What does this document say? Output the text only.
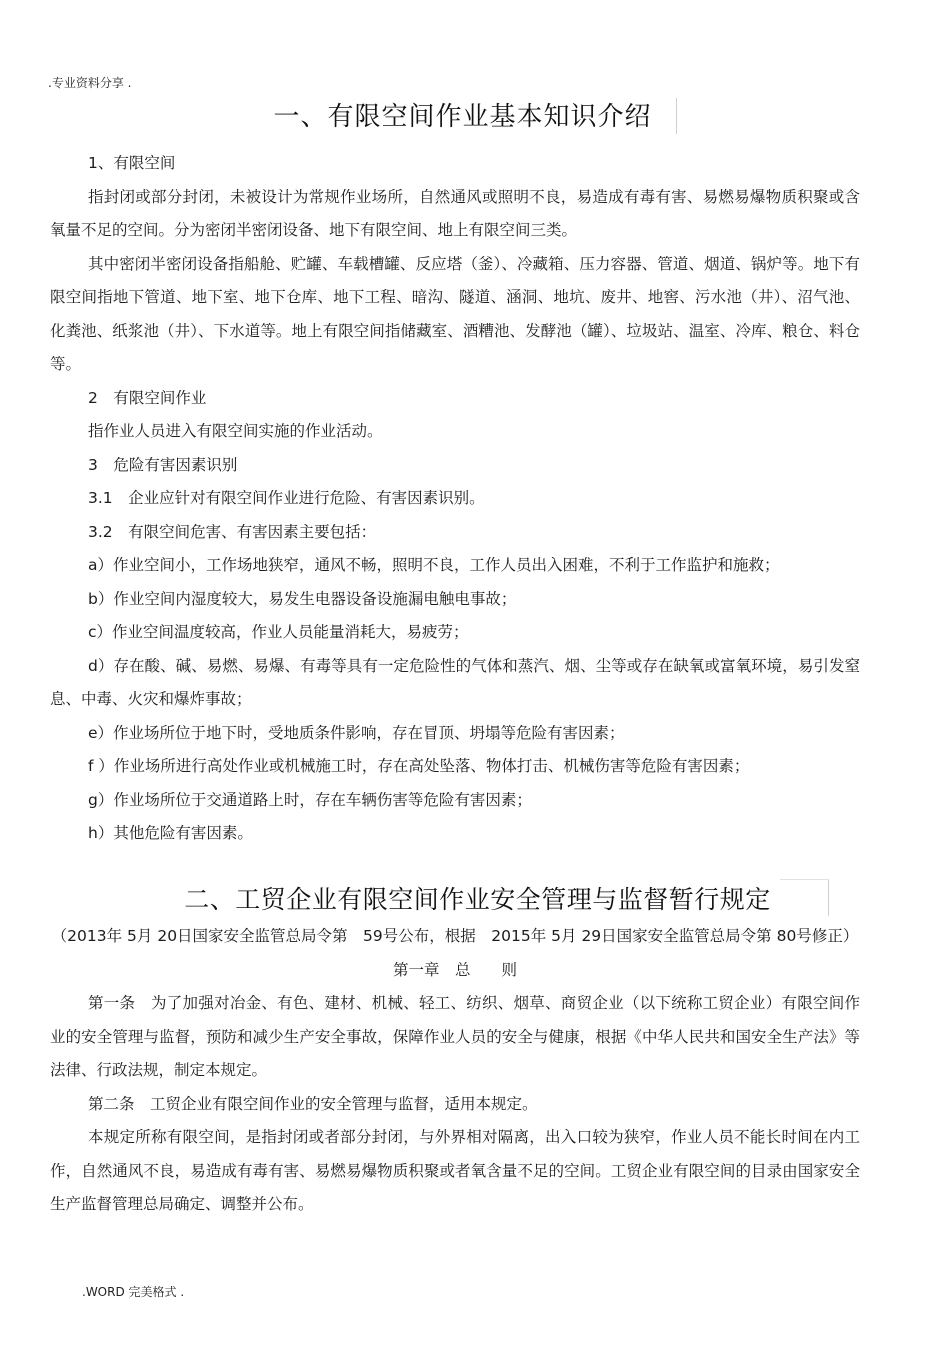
.专业资料分享 .
一、有限空间作业基本知识介绍

1、有限空间

指封闭或部分封闭，未被设计为常规作业场所，自然通风或照明不良，易造成有毒有害、易燃易爆物质积聚或含氧量不足的空间。分为密闭半密闭设备、地下有限空间、地上有限空间三类。

其中密闭半密闭设备指船舱、贮罐、车载槽罐、反应塔（釜）、冷藏箱、压力容器、管道、烟道、锅炉等。地下有限空间指地下管道、地下室、地下仓库、地下工程、暗沟、隧道、涵洞、地坑、废井、地窖、污水池（井）、沼气池、化粪池、纸浆池（井）、下水道等。地上有限空间指储藏室、酒糟池、发酵池（罐）、垃圾站、温室、冷库、粮仓、料仓等。

2　有限空间作业

指作业人员进入有限空间实施的作业活动。

3　危险有害因素识别

3.1　企业应针对有限空间作业进行危险、有害因素识别。

3.2　有限空间危害、有害因素主要包括：

a）作业空间小，工作场地狭窄，通风不畅，照明不良，工作人员出入困难，不利于工作监护和施救；

b）作业空间内湿度较大，易发生电器设备设施漏电触电事故；

c）作业空间温度较高，作业人员能量消耗大，易疲劳；

d）存在酸、碱、易燃、易爆、有毒等具有一定危险性的气体和蒸汽、烟、尘等或存在缺氧或富氧环境，易引发窒息、中毒、火灾和爆炸事故；

e）作业场所位于地下时，受地质条件影响，存在冒顶、坍塌等危险有害因素；

f ）作业场所进行高处作业或机械施工时，存在高处坠落、物体打击、机械伤害等危险有害因素；

g）作业场所位于交通道路上时，存在车辆伤害等危险有害因素；

h）其他危险有害因素。

二、工贸企业有限空间作业安全管理与监督暂行规定

（2013年 5月 20日国家安全监管总局令第　59号公布，根据　2015年 5月 29日国家安全监管总局令第 80号修正）

第一章　总　　则

第一条　为了加强对冶金、有色、建材、机械、轻工、纺织、烟草、商贸企业（以下统称工贸企业）有限空间作业的安全管理与监督，预防和减少生产安全事故，保障作业人员的安全与健康，根据《中华人民共和国安全生产法》等法律、行政法规，制定本规定。

第二条　工贸企业有限空间作业的安全管理与监督，适用本规定。

本规定所称有限空间，是指封闭或者部分封闭，与外界相对隔离，出入口较为狭窄，作业人员不能长时间在内工作，自然通风不良，易造成有毒有害、易燃易爆物质积聚或者氧含量不足的空间。工贸企业有限空间的目录由国家安全生产监督管理总局确定、调整并公布。

.WORD 完美格式 .
